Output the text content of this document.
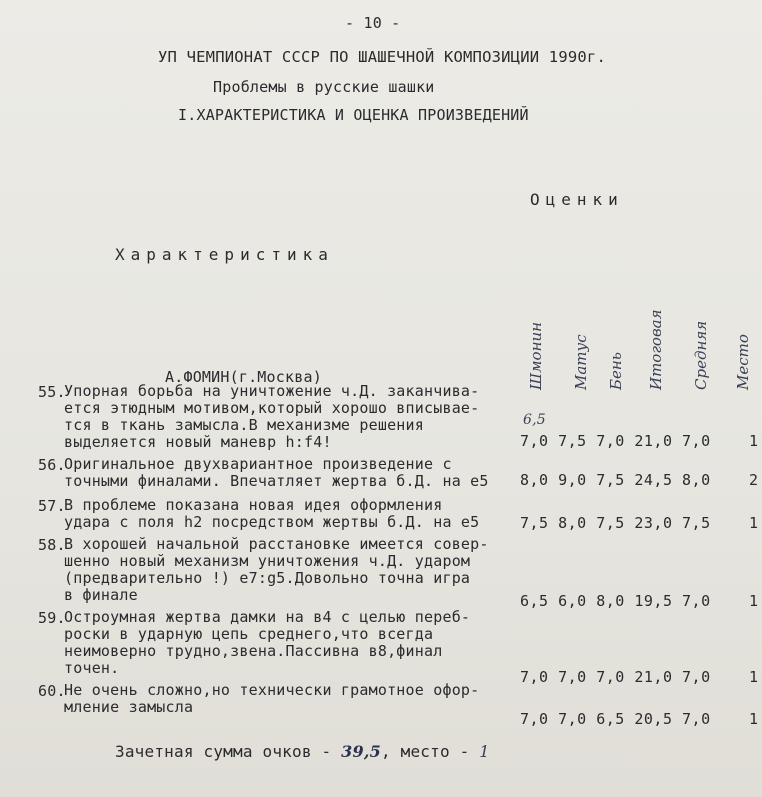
- 10 -
УП ЧЕМПИОНАТ СССР ПО ШАШЕЧНОЙ КОМПОЗИЦИИ 1990г.
Проблемы в русские шашки
I.ХАРАКТЕРИСТИКА И ОЦЕНКА ПРОИЗВЕДЕНИЙ
Оценки
Характеристика
Шмонин Матус Бень Итоговая Средняя Место
А.ФОМИН(г.Москва)
55.
Упорная борьба на уничтожение ч.Д. заканчива-
ется этюдным мотивом,который хорошо вписывае-
тся в ткань замысла.В механизме решения
выделяется новый маневр h:f4!
6,5
7,0 7,5 7,0 21,0 7,0	1
56.
Оригинальное двухвариантное произведение с
точными финалами. Впечатляет жертва б.Д. на е5 8,0 9,0 7,5 24,5 8,0	2
57.
В проблеме показана новая идея оформления
удара с поля h2 посредством жертвы б.Д. на е5	7,5 8,0 7,5 23,0 7,5	1
58.
В хорошей начальной расстановке имеется совер-
шенно новый механизм уничтожения ч.Д. ударом
(предварительно !) е7:g5.Довольно точна игра
в финале	6,5 6,0 8,0 19,5 7,0	1
59.
Остроумная жертва дамки на в4 с целью переб-
роски в ударную цепь среднего,что всегда
неимоверно трудно,звена.Пассивна в8,финал
точен.	7,0 7,0 7,0 21,0 7,0	1
60.
Не очень сложно,но технически грамотное офор-
мление замысла
7,0 7,0 6,5 20,5 7,0	1
Зачетная сумма очков - 39,5, место - 1
